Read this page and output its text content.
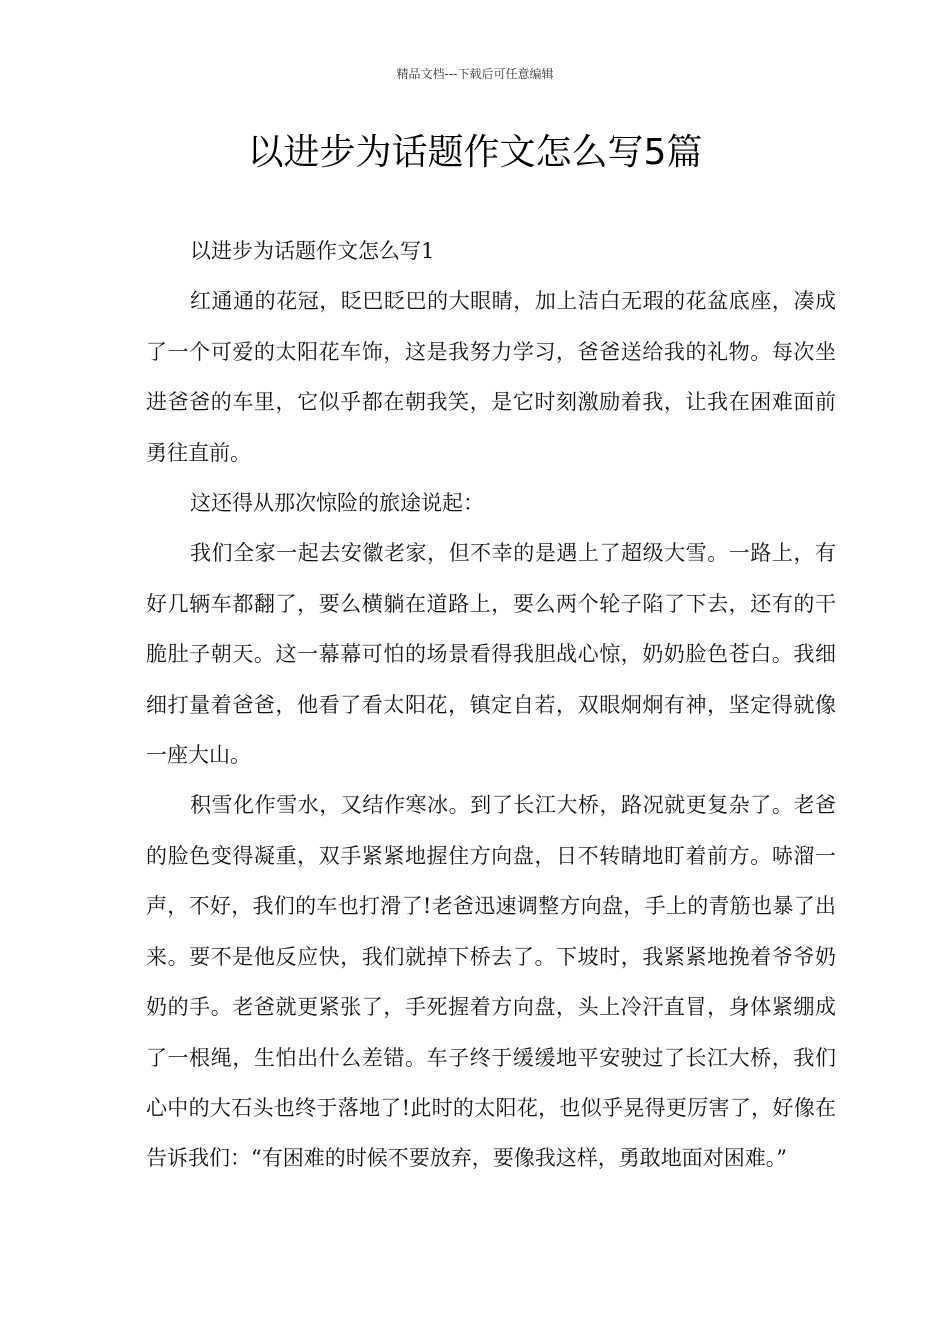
精品文档---下载后可任意编辑
以进步为话题作文怎么写5篇

以进步为话题作文怎么写1

红通通的花冠，眨巴眨巴的大眼睛，加上洁白无瑕的花盆底座，凑成了一个可爱的太阳花车饰，这是我努力学习，爸爸送给我的礼物。每次坐进爸爸的车里，它似乎都在朝我笑，是它时刻激励着我，让我在困难面前勇往直前。

这还得从那次惊险的旅途说起：

我们全家一起去安徽老家，但不幸的是遇上了超级大雪。一路上，有好几辆车都翻了，要么横躺在道路上，要么两个轮子陷了下去，还有的干脆肚子朝天。这一幕幕可怕的场景看得我胆战心惊，奶奶脸色苍白。我细细打量着爸爸，他看了看太阳花，镇定自若，双眼炯炯有神，坚定得就像一座大山。

积雪化作雪水，又结作寒冰。到了长江大桥，路况就更复杂了。老爸的脸色变得凝重，双手紧紧地握住方向盘，日不转睛地盯着前方。哧溜一声，不好，我们的车也打滑了!老爸迅速调整方向盘，手上的青筋也暴了出来。要不是他反应快，我们就掉下桥去了。下坡时，我紧紧地挽着爷爷奶奶的手。老爸就更紧张了，手死握着方向盘，头上冷汗直冒，身体紧绷成了一根绳，生怕出什么差错。车子终于缓缓地平安驶过了长江大桥，我们心中的大石头也终于落地了!此时的太阳花，也似乎晃得更厉害了，好像在告诉我们：“有困难的时候不要放弃，要像我这样，勇敢地面对困难。”
